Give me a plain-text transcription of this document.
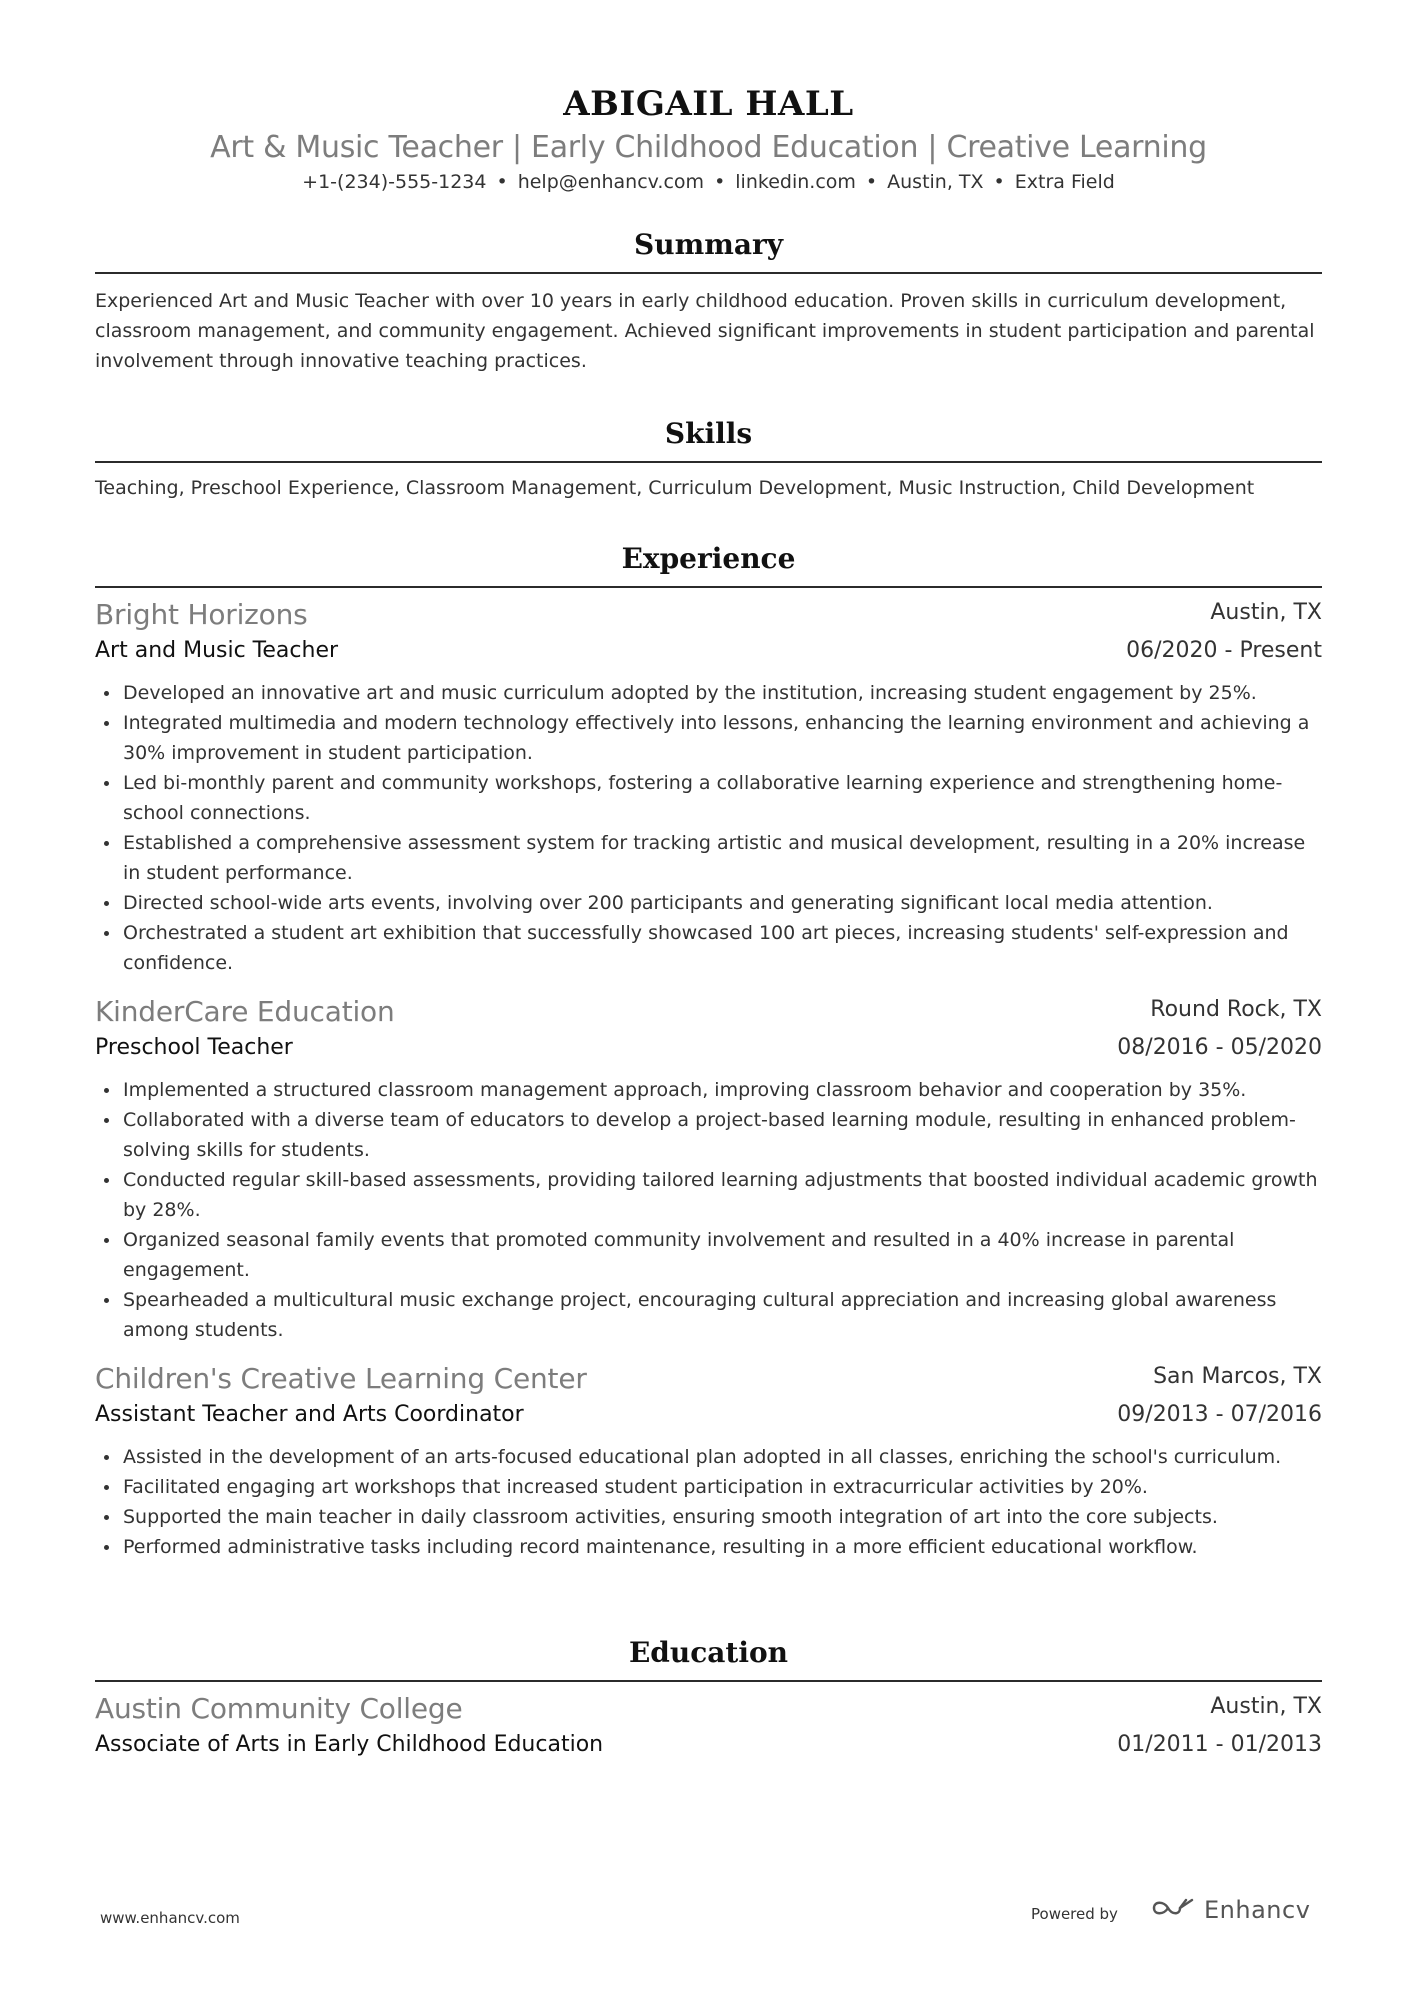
ABIGAIL HALL
Art & Music Teacher | Early Childhood Education | Creative Learning
+1-(234)-555-1234 • help@enhancv.com • linkedin.com • Austin, TX • Extra Field
Summary
Experienced Art and Music Teacher with over 10 years in early childhood education. Proven skills in curriculum development, classroom management, and community engagement. Achieved significant improvements in student participation and parental involvement through innovative teaching practices.
Skills
Teaching, Preschool Experience, Classroom Management, Curriculum Development, Music Instruction, Child Development
Experience
Bright Horizons	Austin, TX
Art and Music Teacher	06/2020 - Present
Developed an innovative art and music curriculum adopted by the institution, increasing student engagement by 25%.
Integrated multimedia and modern technology effectively into lessons, enhancing the learning environment and achieving a 30% improvement in student participation.
Led bi-monthly parent and community workshops, fostering a collaborative learning experience and strengthening home-school connections.
Established a comprehensive assessment system for tracking artistic and musical development, resulting in a 20% increase in student performance.
Directed school-wide arts events, involving over 200 participants and generating significant local media attention.
Orchestrated a student art exhibition that successfully showcased 100 art pieces, increasing students' self-expression and confidence.
KinderCare Education	Round Rock, TX
Preschool Teacher	08/2016 - 05/2020
Implemented a structured classroom management approach, improving classroom behavior and cooperation by 35%.
Collaborated with a diverse team of educators to develop a project-based learning module, resulting in enhanced problem-solving skills for students.
Conducted regular skill-based assessments, providing tailored learning adjustments that boosted individual academic growth by 28%.
Organized seasonal family events that promoted community involvement and resulted in a 40% increase in parental engagement.
Spearheaded a multicultural music exchange project, encouraging cultural appreciation and increasing global awareness among students.
Children's Creative Learning Center	San Marcos, TX
Assistant Teacher and Arts Coordinator	09/2013 - 07/2016
Assisted in the development of an arts-focused educational plan adopted in all classes, enriching the school's curriculum.
Facilitated engaging art workshops that increased student participation in extracurricular activities by 20%.
Supported the main teacher in daily classroom activities, ensuring smooth integration of art into the core subjects.
Performed administrative tasks including record maintenance, resulting in a more efficient educational workflow.
Education
Austin Community College	Austin, TX
Associate of Arts in Early Childhood Education	01/2011 - 01/2013
www.enhancv.com	Powered by	Enhancv
